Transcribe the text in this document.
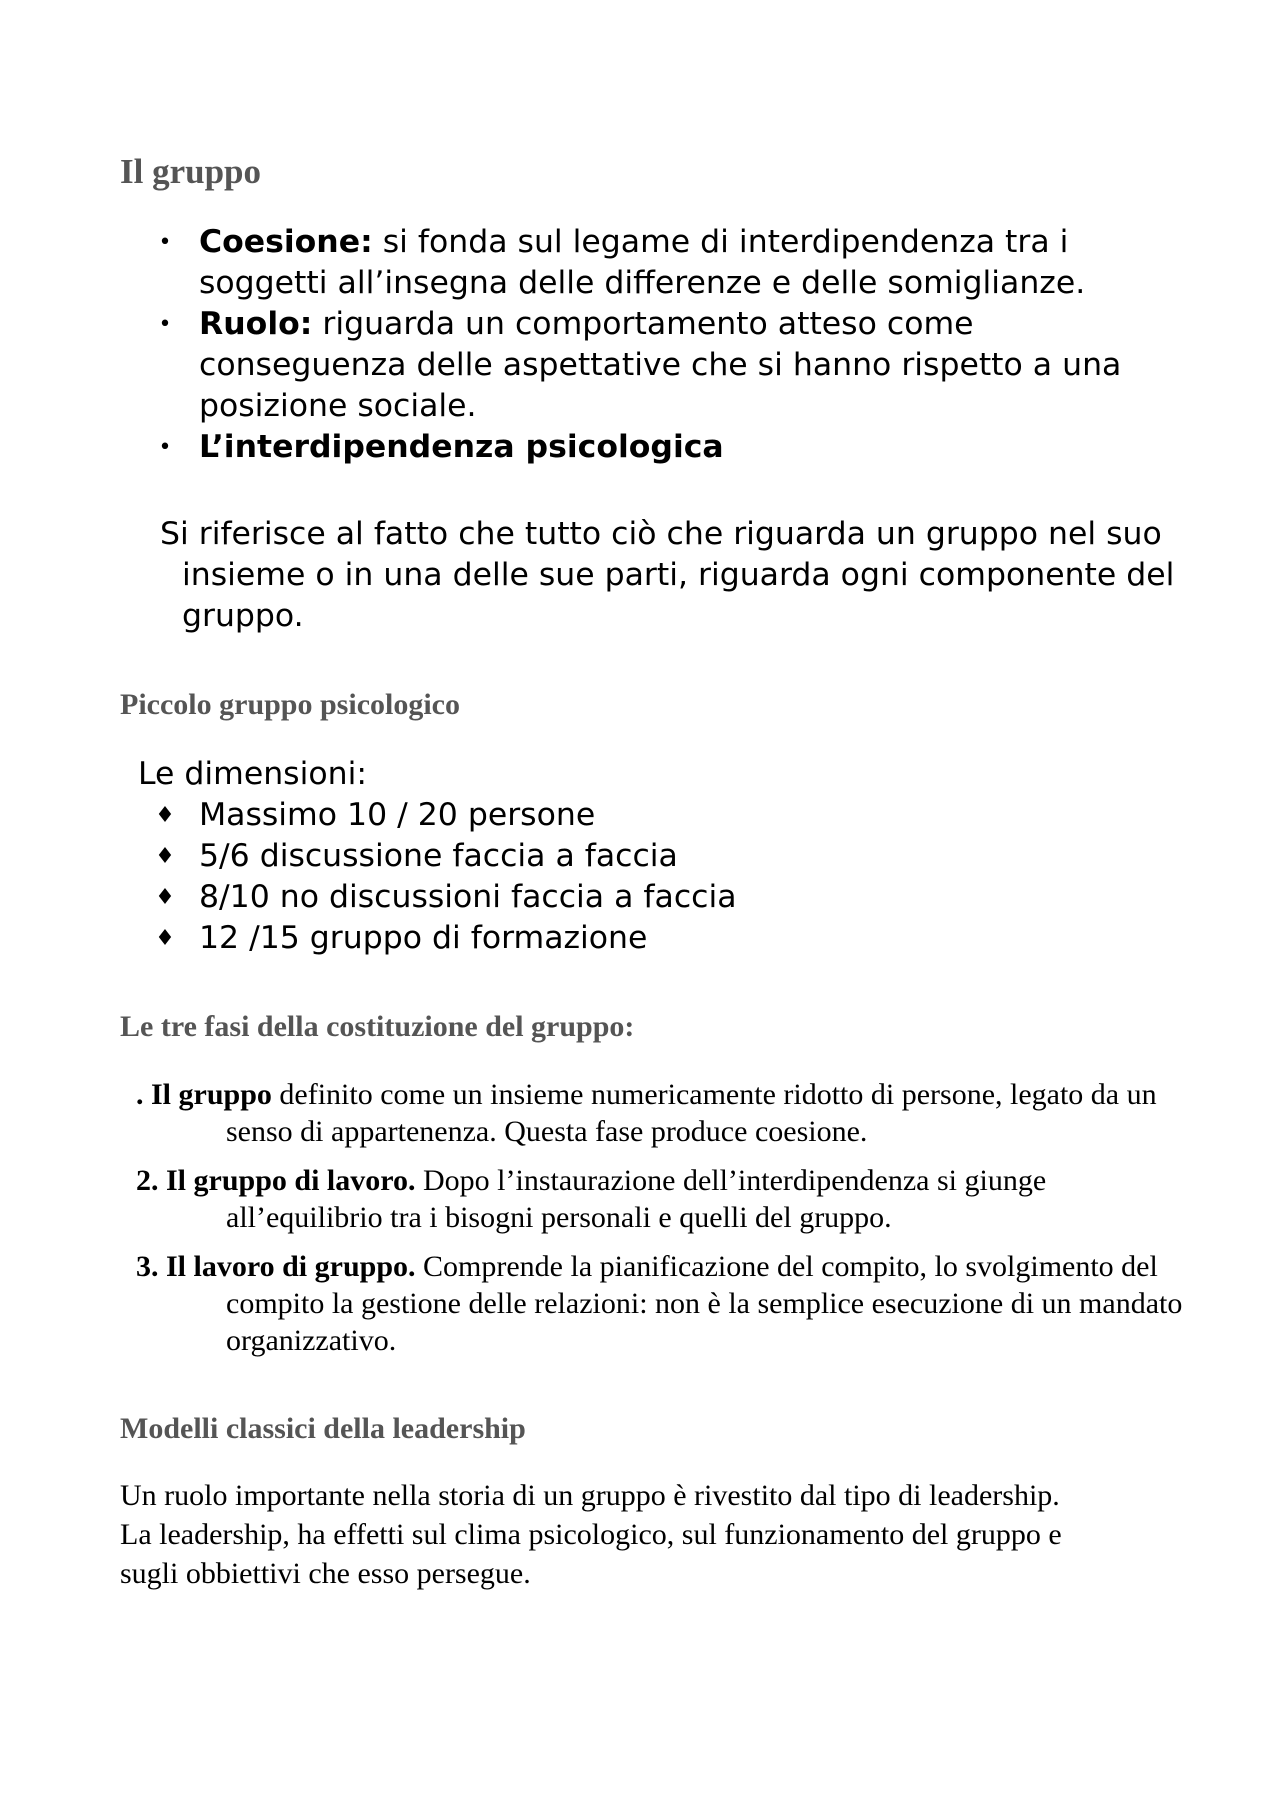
Il gruppo
• Coesione: si fonda sul legame di interdipendenza tra i soggetti all’insegna delle differenze e delle somiglianze.
• Ruolo: riguarda un comportamento atteso come conseguenza delle aspettative che si hanno rispetto a una posizione sociale.
• L’interdipendenza psicologica

Si riferisce al fatto che tutto ciò che riguarda un gruppo nel suo insieme o in una delle sue parti, riguarda ogni componente del gruppo.

Piccolo gruppo psicologico

Le dimensioni:

♦ Massimo 10 / 20 persone
♦ 5/6 discussione faccia a faccia
♦ 8/10 no discussioni faccia a faccia
♦ 12 /15 gruppo di formazione
Le tre fasi della costituzione del gruppo:
. Il gruppo definito come un insieme numericamente ridotto di persone, legato da un senso di appartenenza. Questa fase produce coesione.
2. Il gruppo di lavoro. Dopo l’instaurazione dell’interdipendenza si giunge all’equilibrio tra i bisogni personali e quelli del gruppo.
3. Il lavoro di gruppo. Comprende la pianificazione del compito, lo svolgimento del compito la gestione delle relazioni: non è la semplice esecuzione di un mandato organizzativo.
Modelli classici della leadership

Un ruolo importante nella storia di un gruppo è rivestito dal tipo di leadership. La leadership, ha effetti sul clima psicologico, sul funzionamento del gruppo e sugli obbiettivi che esso persegue.
